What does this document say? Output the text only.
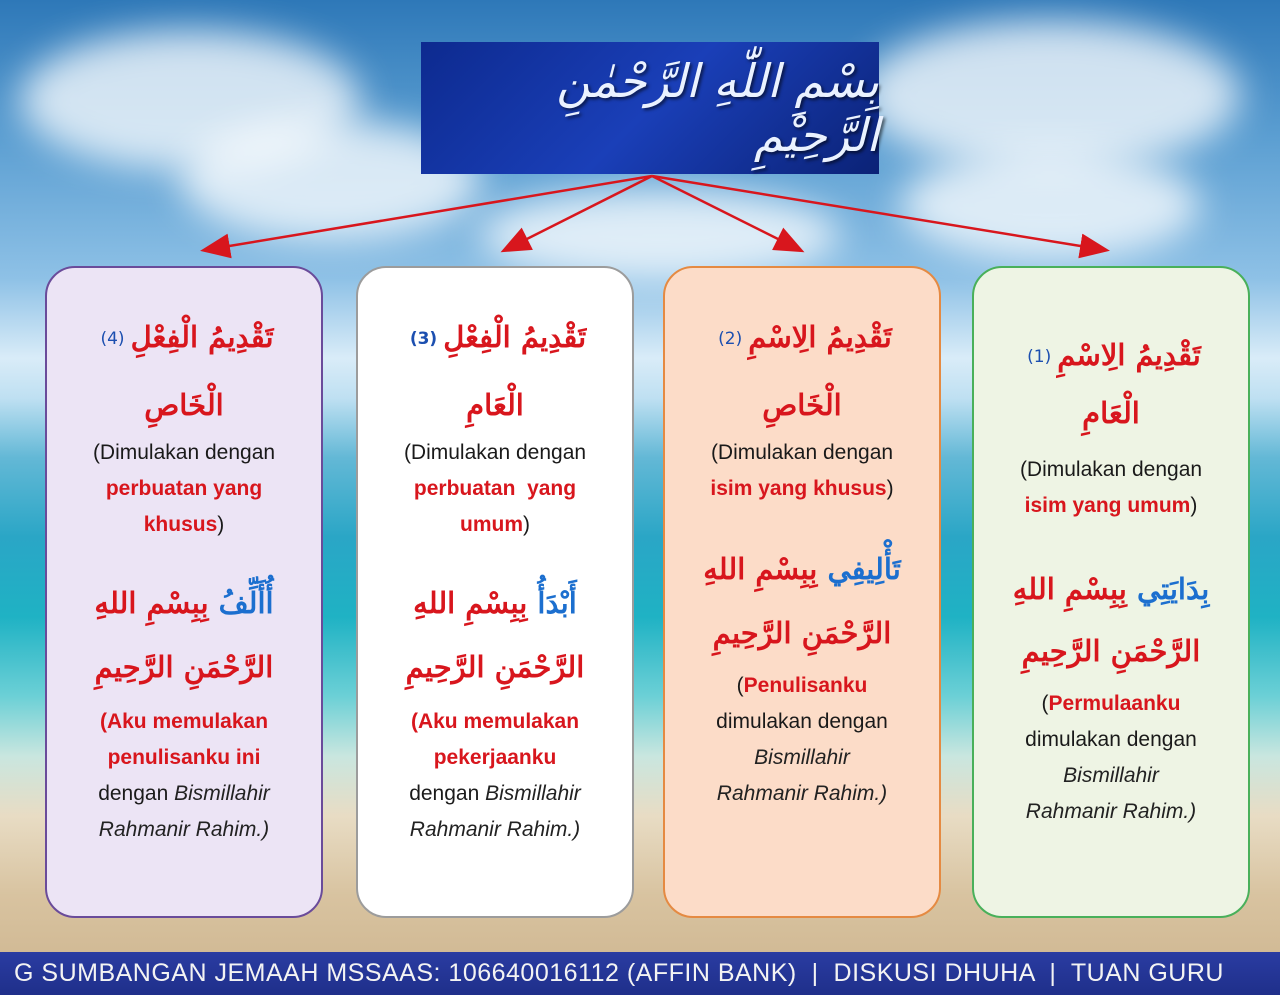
بِسْمِ اللّٰهِ الرَّحْمٰنِ الرَّحِيْمِ
تَقْدِيمُ الْفِعْلِ(4)
الْخَاصِ
(Dimulakan dengan
perbuatan yang
khusus)
أُأَلِّفُ بِبِسْمِ اللهِ
الرَّحْمَنِ الرَّحِيمِ
(Aku memulakan
penulisanku ini
dengan Bismillahir
Rahmanir Rahim.)
تَقْدِيمُ الْفِعْلِ(3)
الْعَامِ
(Dimulakan dengan
perbuatan  yang
umum)
أَبْدَأُ بِبِسْمِ اللهِ
الرَّحْمَنِ الرَّحِيمِ
(Aku memulakan
pekerjaanku
dengan Bismillahir
Rahmanir Rahim.)
تَقْدِيمُ الِاسْمِ(2)
الْخَاصِ
(Dimulakan dengan
isim yang khusus)
تَأْلِيفِي بِبِسْمِ اللهِ
الرَّحْمَنِ الرَّحِيمِ
(Penulisanku
dimulakan dengan
Bismillahir
Rahmanir Rahim.)
تَقْدِيمُ الِاسْمِ(1)
الْعَامِ
(Dimulakan dengan
isim yang umum)
بِدَايَتِي بِبِسْمِ اللهِ
الرَّحْمَنِ الرَّحِيمِ
(Permulaanku
dimulakan dengan
Bismillahir
Rahmanir Rahim.)
G SUMBANGAN JEMAAH MSSAAS: 106640016112 (AFFIN BANK)  |  DISKUSI DHUHA  |  TUAN GURU
